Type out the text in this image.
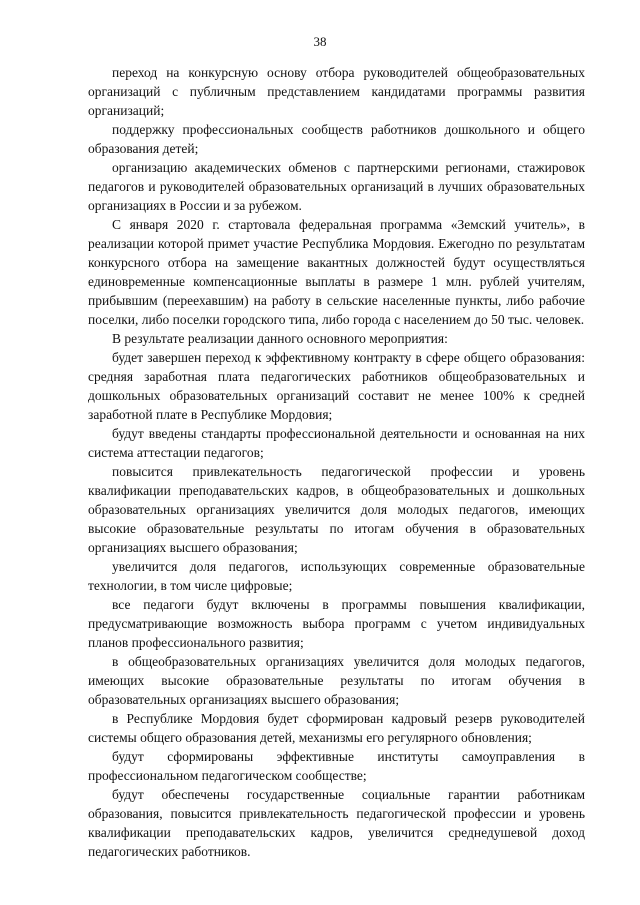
38

переход на конкурсную основу отбора руководителей общеобразовательных организаций с публичным представлением кандидатами программы развития организаций;

поддержку профессиональных сообществ работников дошкольного и общего образования детей;

организацию академических обменов с партнерскими регионами, стажировок педагогов и руководителей образовательных организаций в лучших образовательных организациях в России и за рубежом.

С января 2020 г. стартовала федеральная программа «Земский учитель», в реализации которой примет участие Республика Мордовия. Ежегодно по результатам конкурсного отбора на замещение вакантных должностей будут осуществляться единовременные компенсационные выплаты в размере 1 млн. рублей учителям, прибывшим (переехавшим) на работу в сельские населенные пункты, либо рабочие поселки, либо поселки городского типа, либо города с населением до 50 тыс. человек.

В результате реализации данного основного мероприятия:

будет завершен переход к эффективному контракту в сфере общего образования: средняя заработная плата педагогических работников общеобразовательных и дошкольных образовательных организаций составит не менее 100% к средней заработной плате в Республике Мордовия;

будут введены стандарты профессиональной деятельности и основанная на них система аттестации педагогов;

повысится привлекательность педагогической профессии и уровень квалификации преподавательских кадров, в общеобразовательных и дошкольных образовательных организациях увеличится доля молодых педагогов, имеющих высокие образовательные результаты по итогам обучения в образовательных организациях высшего образования;

увеличится доля педагогов, использующих современные образовательные технологии, в том числе цифровые;

все педагоги будут включены в программы повышения квалификации, предусматривающие возможность выбора программ с учетом индивидуальных планов профессионального развития;

в общеобразовательных организациях увеличится доля молодых педагогов, имеющих высокие образовательные результаты по итогам обучения в образовательных организациях высшего образования;

в Республике Мордовия будет сформирован кадровый резерв руководителей системы общего образования детей, механизмы его регулярного обновления;

будут сформированы эффективные институты самоуправления в профессиональном педагогическом сообществе;

будут обеспечены государственные социальные гарантии работникам образования, повысится привлекательность педагогической профессии и уровень квалификации преподавательских кадров, увеличится среднедушевой доход педагогических работников.
